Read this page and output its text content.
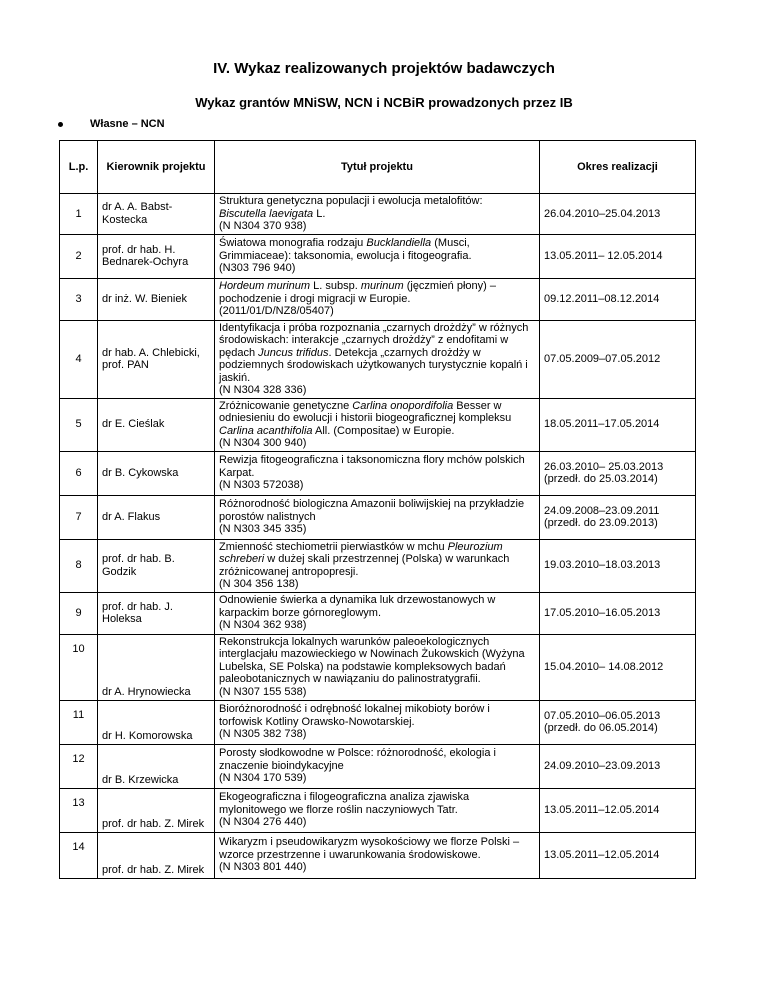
IV. Wykaz realizowanych projektów badawczych
Wykaz grantów MNiSW, NCN i NCBiR prowadzonych przez IB
Własne – NCN
L.p.	Kierownik projektu	Tytuł projektu	Okres realizacji
1	dr A. A. Babst-Kostecka	Struktura genetyczna populacji i ewolucja metalofitów:
Biscutella laevigata L.
(N N304 370 938)	26.04.2010–25.04.2013
2	prof. dr hab. H. Bednarek-Ochyra	Światowa monografia rodzaju Bucklandiella (Musci, Grimmiaceae): taksonomia, ewolucja i fitogeografia.
(N303 796 940)	13.05.2011– 12.05.2014
3	dr inż. W. Bieniek	Hordeum murinum L. subsp. murinum (jęczmień płony) – pochodzenie i drogi migracji w Europie.
(2011/01/D/NZ8/05407)	09.12.2011–08.12.2014
4	dr hab. A. Chlebicki, prof. PAN	Identyfikacja i próba rozpoznania „czarnych drożdży” w różnych środowiskach: interakcje „czarnych drożdży” z endofitami w pędach Juncus trifidus. Detekcja „czarnych drożdży w podziemnych środowiskach użytkowanych turystycznie kopalń i jaskiń.
(N N304 328 336)	07.05.2009–07.05.2012
5	dr E. Cieślak	Zróżnicowanie genetyczne Carlina onopordifolia Besser w odniesieniu do ewolucji i historii biogeograficznej kompleksu Carlina acanthifolia All. (Compositae) w Europie.
(N N304 300 940)	18.05.2011–17.05.2014
6	dr B. Cykowska	Rewizja fitogeograficzna i taksonomiczna flory mchów polskich Karpat.
(N N303 572038)	26.03.2010– 25.03.2013 (przedł. do 25.03.2014)
7	dr A. Flakus	Różnorodność biologiczna Amazonii boliwijskiej na przykładzie porostów nalistnych
(N N303 345 335)	24.09.2008–23.09.2011 (przedł. do 23.09.2013)
8	prof. dr hab. B. Godzik	Zmienność stechiometrii pierwiastków w mchu Pleurozium schreberi w dużej skali przestrzennej (Polska) w warunkach zróżnicowanej antropopresji.
(N 304 356 138)	19.03.2010–18.03.2013
9	prof. dr hab. J. Holeksa	Odnowienie świerka a dynamika luk drzewostanowych w karpackim borze górnoreglowym.
(N N304 362 938)	17.05.2010–16.05.2013
10	dr A. Hrynowiecka	Rekonstrukcja lokalnych warunków paleoekologicznych interglacjału mazowieckiego w Nowinach Żukowskich (Wyżyna Lubelska, SE Polska) na podstawie kompleksowych badań paleobotanicznych w nawiązaniu do palinostratygrafii.
(N N307 155 538)	15.04.2010– 14.08.2012
11	dr H. Komorowska	Bioróżnorodność i odrębność lokalnej mikobioty borów i torfowisk Kotliny Orawsko-Nowotarskiej.
(N N305 382 738)	07.05.2010–06.05.2013 (przedł. do 06.05.2014)
12	dr B. Krzewicka	Porosty słodkowodne w Polsce: różnorodność, ekologia i znaczenie bioindykacyjne
(N N304 170 539)	24.09.2010–23.09.2013
13	prof. dr hab. Z. Mirek	Ekogeograficzna i filogeograficzna analiza zjawiska mylonitowego we florze roślin naczyniowych Tatr.
(N N304 276 440)	13.05.2011–12.05.2014
14	prof. dr hab. Z. Mirek	Wikaryzm i pseudowikaryzm wysokościowy we florze Polski – wzorce przestrzenne i uwarunkowania środowiskowe.
(N N303 801 440)	13.05.2011–12.05.2014
